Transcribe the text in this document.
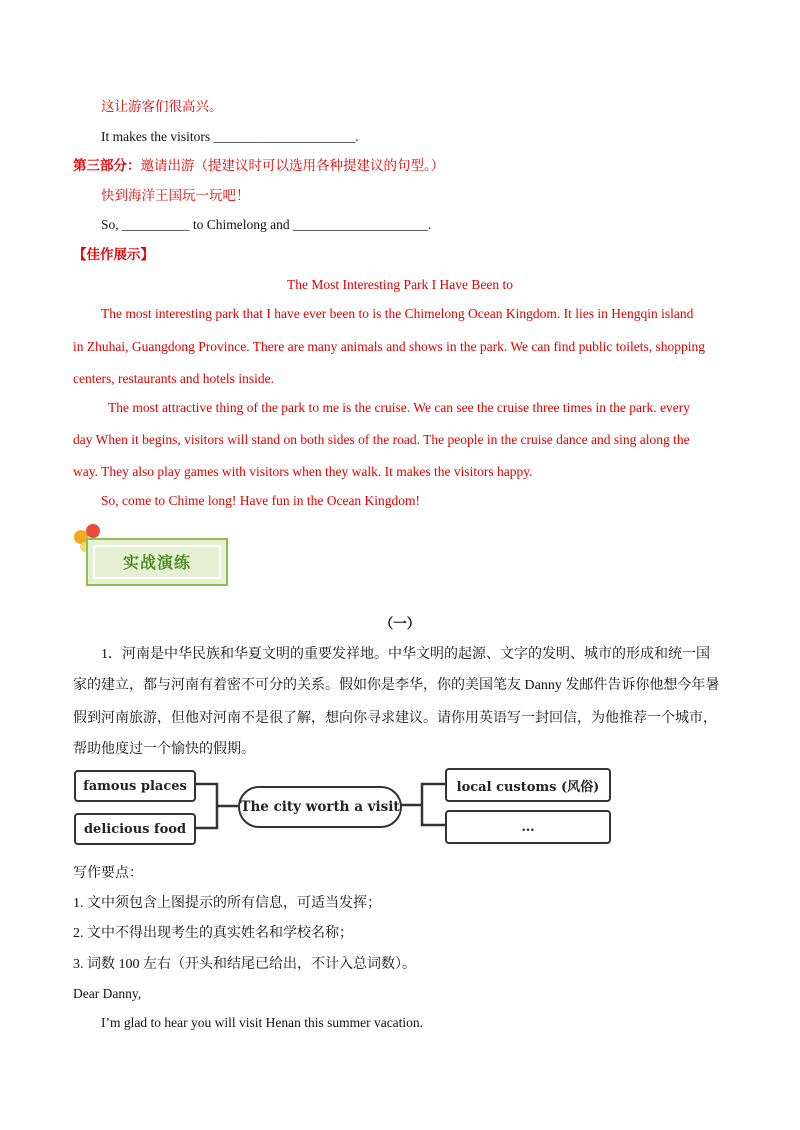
这让游客们很高兴。
It makes the visitors _____________________.
第三部分：邀请出游（提建议时可以选用各种提建议的句型。）
快到海洋王国玩一玩吧！
So, __________ to Chimelong and ____________________.
【佳作展示】
The Most Interesting Park I Have Been to
The most interesting park that I have ever been to is the Chimelong Ocean Kingdom. It lies in Hengqin island
in Zhuhai, Guangdong Province. There are many animals and shows in the park. We can find public toilets, shopping
centers, restaurants and hotels inside.
The most attractive thing of the park to me is the cruise. We can see the cruise three times in the park. every
day When it begins, visitors will stand on both sides of the road. The people in the cruise dance and sing along the
way. They also play games with visitors when they walk. It makes the visitors happy.
So, come to Chime long! Have fun in the Ocean Kingdom!
实战演练
（一）
1．河南是中华民族和华夏文明的重要发祥地。中华文明的起源、文字的发明、城市的形成和统一国
家的建立，都与河南有着密不可分的关系。假如你是李华，你的美国笔友 Danny 发邮件告诉你他想今年暑
假到河南旅游，但他对河南不是很了解，想向你寻求建议。请你用英语写一封回信，为他推荐一个城市，
帮助他度过一个愉快的假期。
famous places
delicious food
The city worth a visit
local customs (风俗)
…
写作要点：
1. 文中须包含上图提示的所有信息，可适当发挥；
2. 文中不得出现考生的真实姓名和学校名称；
3. 词数 100 左右（开头和结尾已给出，不计入总词数）。
Dear Danny,
I’m glad to hear you will visit Henan this summer vacation.
